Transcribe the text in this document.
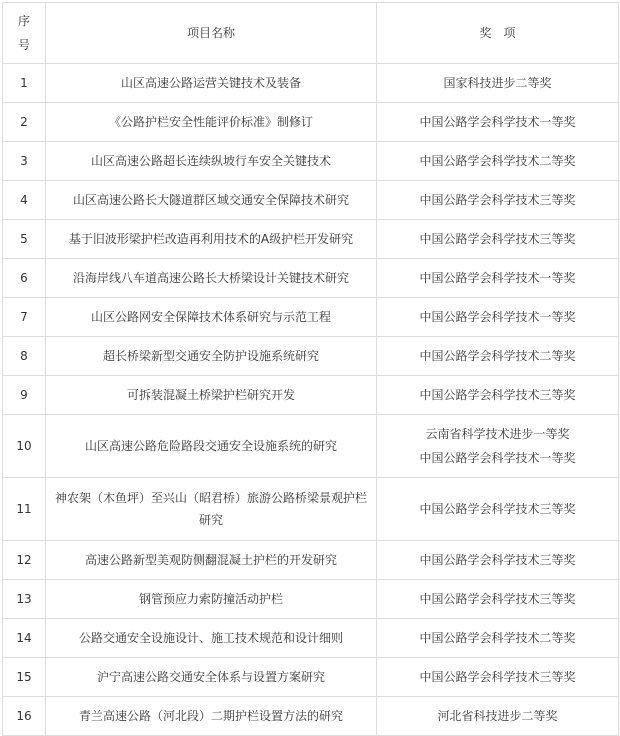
序
号	项目名称	奖　项
1	山区高速公路运营关键技术及装备	国家科技进步二等奖

2	《公路护栏安全性能评价标准》制修订	中国公路学会科学技术一等奖

3	山区高速公路超长连续纵坡行车安全关键技术	中国公路学会科学技术二等奖

4	山区高速公路长大隧道群区域交通安全保障技术研究	中国公路学会科学技术三等奖

5	基于旧波形梁护栏改造再利用技术的A级护栏开发研究	中国公路学会科学技术三等奖

6	沿海岸线八车道高速公路长大桥梁设计关键技术研究	中国公路学会科学技术一等奖

7	山区公路网安全保障技术体系研究与示范工程	中国公路学会科学技术一等奖

8	超长桥梁新型交通安全防护设施系统研究	中国公路学会科学技术二等奖

9	可拆装混凝土桥梁护栏研究开发	中国公路学会科学技术三等奖

10	山区高速公路危险路段交通安全设施系统的研究	云南省科学技术进步一等奖
中国公路学会科学技术一等奖

11	神农架（木鱼坪）至兴山（昭君桥）旅游公路桥梁景观护栏研究	中国公路学会科学技术三等奖

12	高速公路新型美观防侧翻混凝土护栏的开发研究	中国公路学会科学技术三等奖

13	钢管预应力索防撞活动护栏	中国公路学会科学技术三等奖

14	公路交通安全设施设计、施工技术规范和设计细则	中国公路学会科学技术二等奖

15	沪宁高速公路交通安全体系与设置方案研究	中国公路学会科学技术三等奖

16	青兰高速公路（河北段）二期护栏设置方法的研究	河北省科技进步二等奖
